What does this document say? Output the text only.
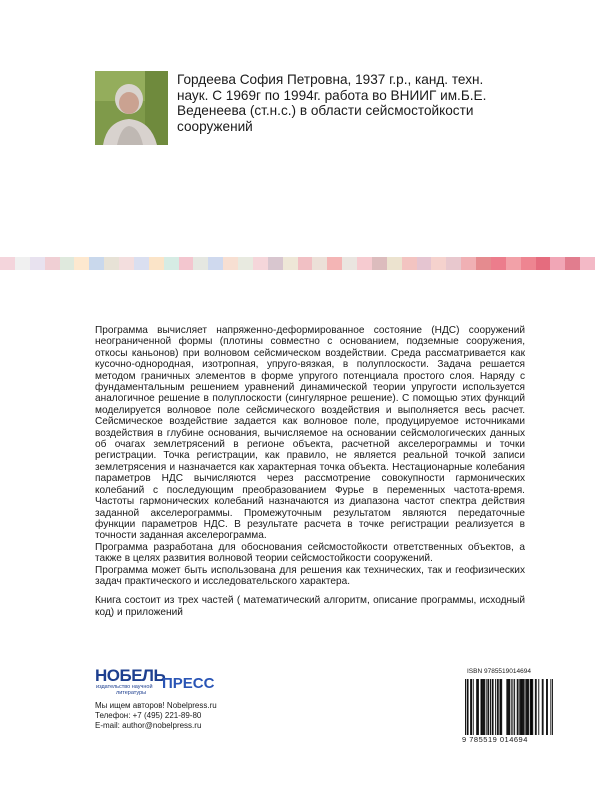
Гордеева София Петровна, 1937 г.р., канд. техн. наук. С 1969г по 1994г. работа во ВНИИГ им.Б.Е. Веденеева (ст.н.с.) в области сейсмостойкости сооружений

Программа вычисляет напряженно-деформированное состояние (НДС) сооружений неограниченной формы (плотины совместно с основанием, подземные сооружения, откосы каньонов) при волновом сейсмическом воздействии. Среда рассматривается как кусочно-однородная, изотропная, упруго-вязкая, в полуплоскости. Задача решается методом граничных элементов в форме упругого потенциала простого слоя. Наряду с фундаментальным решением уравнений динамической теории упругости используется аналогичное решение в полуплоскости (сингулярное решение). С помощью этих функций моделируется волновое поле сейсмического воздействия и выполняется весь расчет. Сейсмическое воздействие задается как волновое поле, продуцируемое источниками воздействия в глубине основания, вычисляемое на основании сейсмологических данных об очагах землетрясений в регионе объекта, расчетной акселерограммы и точки регистрации. Точка регистрации, как правило, не является реальной точкой записи землетрясения и назначается как характерная точка объекта. Нестационарные колебания параметров НДС вычисляются через рассмотрение совокупности гармонических колебаний с последующим преобразованием Фурье в переменных частота-время. Частоты гармонических колебаний назначаются из диапазона частот спектра действия заданной акселерограммы. Промежуточным результатом являются передаточные функции параметров НДС. В результате расчета в точке регистрации реализуется в точности заданная акселерограмма.

Программа разработана для обоснования сейсмостойкости ответственных объектов, а также в целях развития волновой теории сейсмостойкости сооружений.

Программа может быть использована для решения как технических, так и геофизических задач практического и исследовательского характера.

Книга состоит из трех частей ( математический алгоритм, описание программы, исходный код) и приложений

НОБЕЛЬ
ПРЕСС
издательство научной
литературы
Мы ищем авторов! Nobelpress.ru
Телефон: +7 (495) 221-89-80
E-mail: author@nobelpress.ru
ISBN 9785519014694
9 785519 014694
